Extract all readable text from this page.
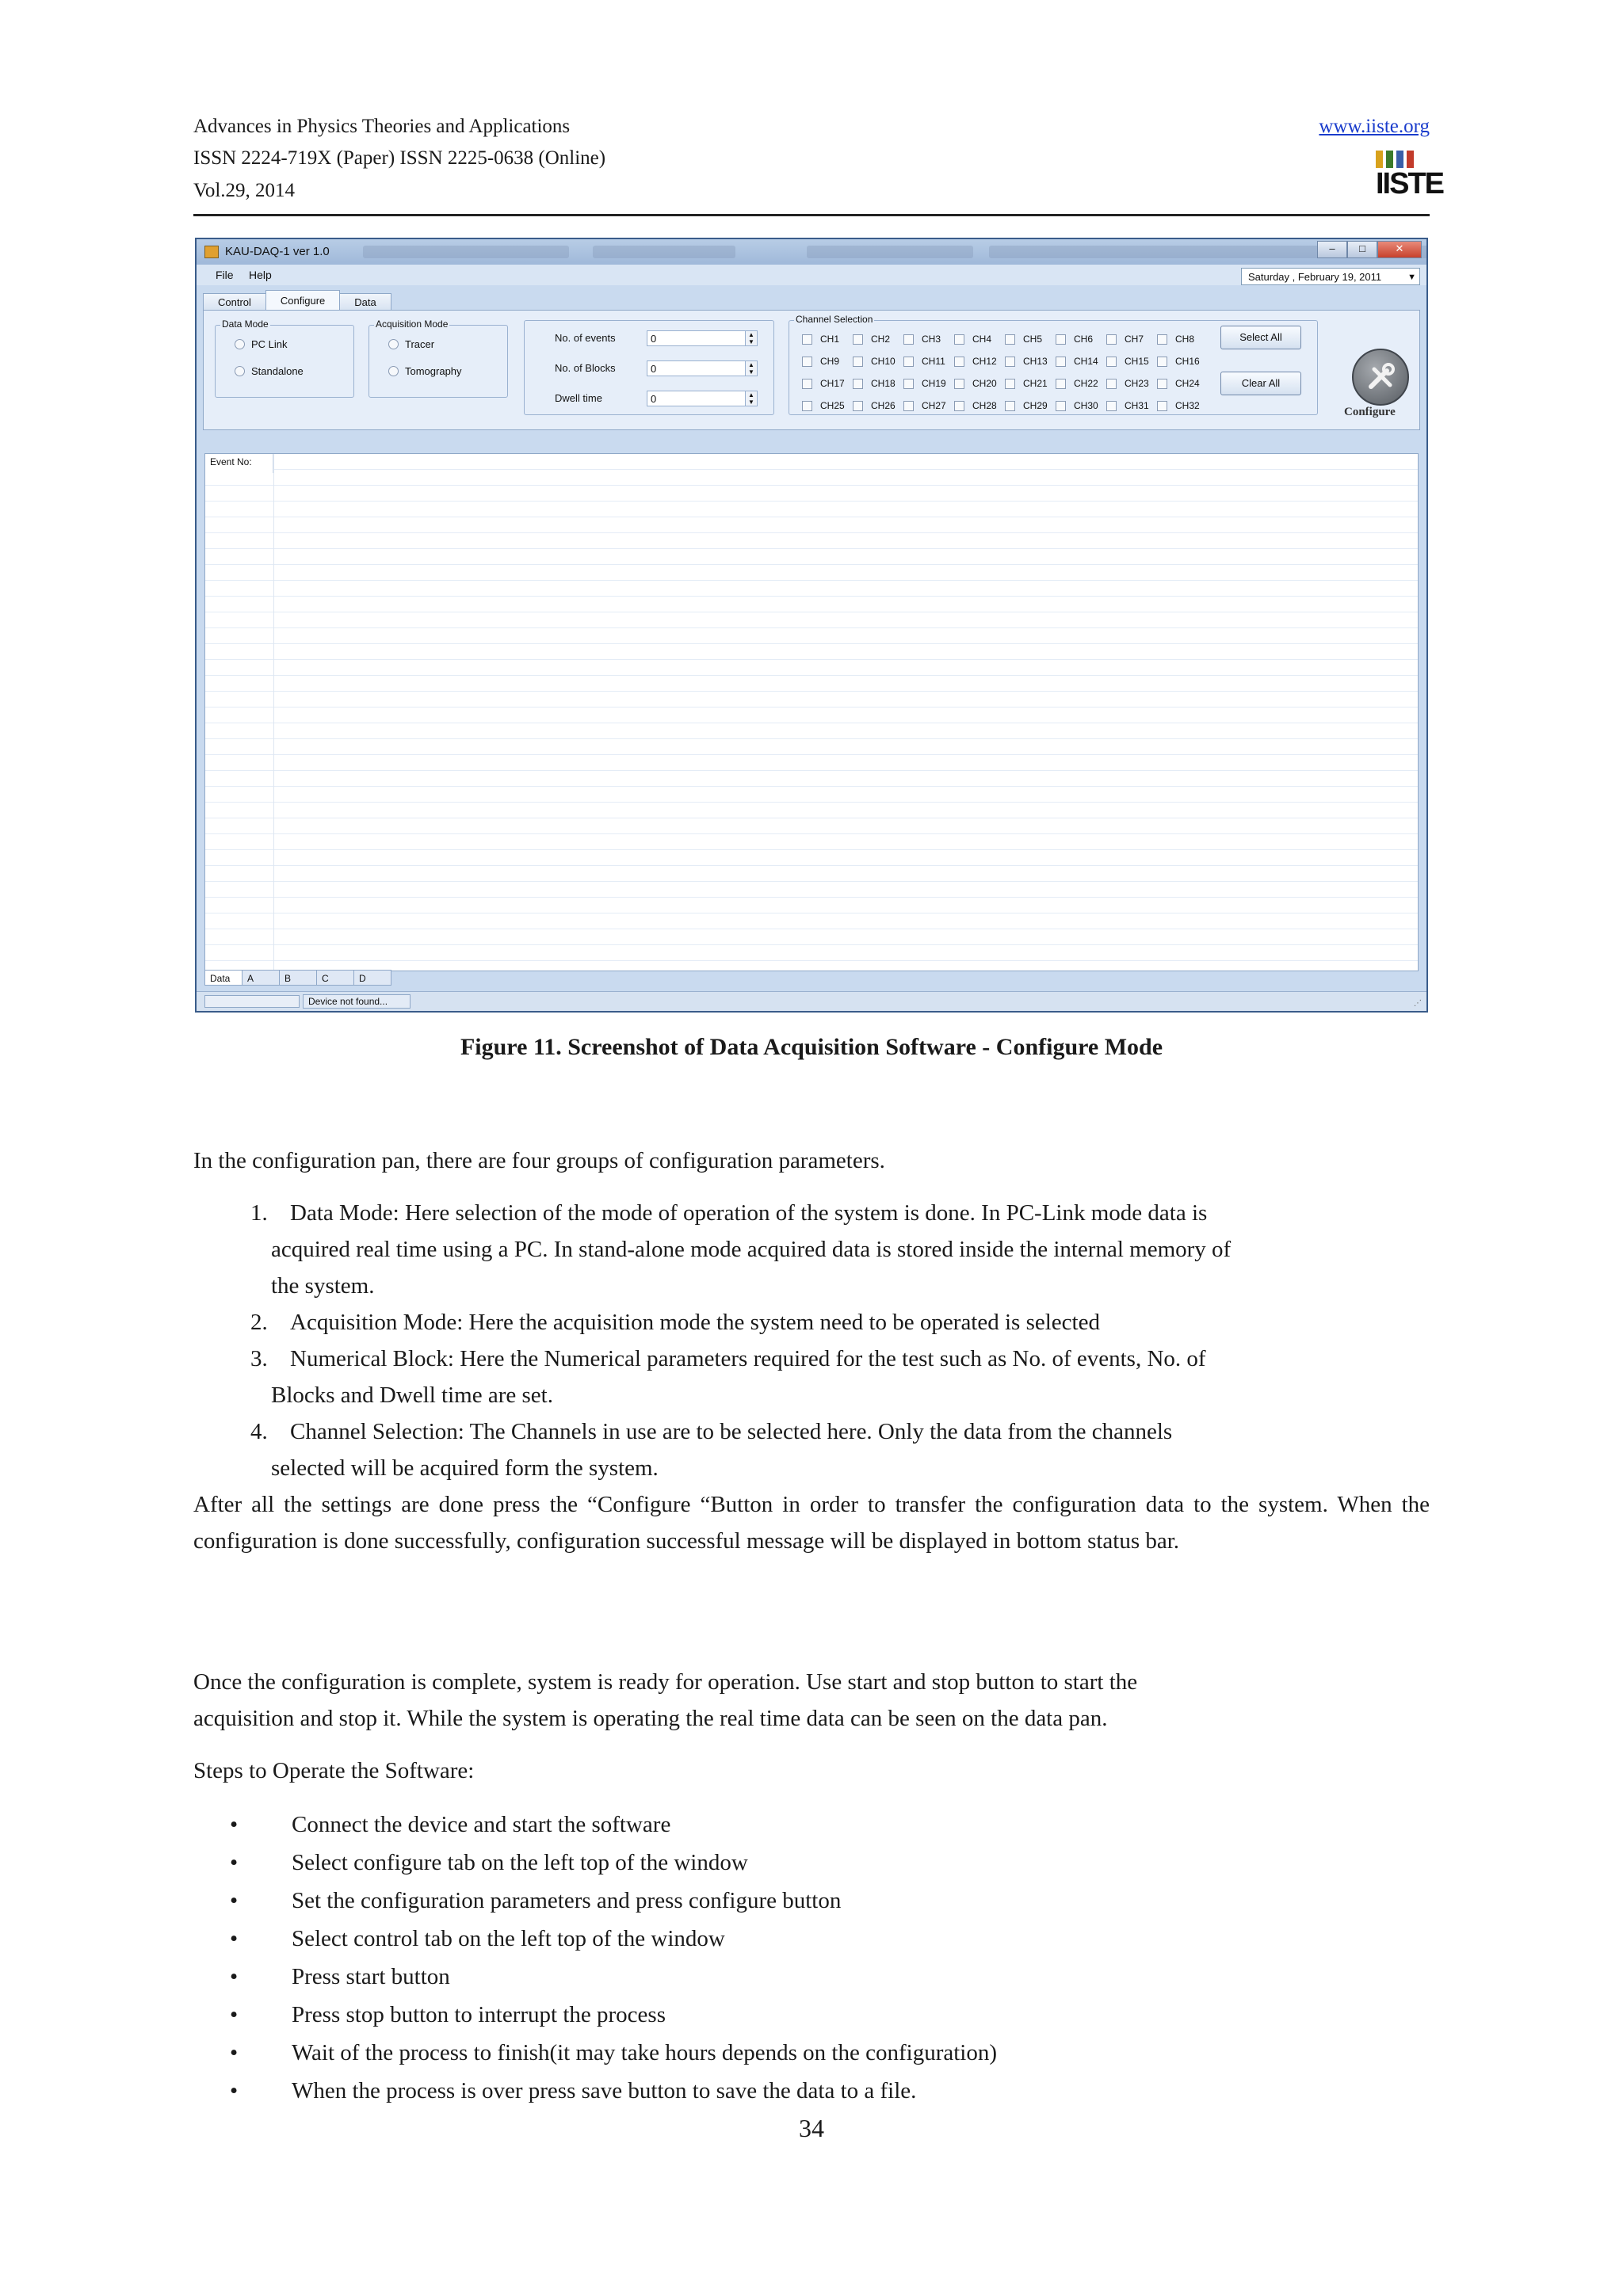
Advances in Physics Theories and Applications
ISSN 2224-719X (Paper) ISSN 2225-0638 (Online)
Vol.29, 2014
www.iiste.org
IISTE
KAU-DAQ-1 ver 1.0	–	□	✕
File Help	Saturday , February 19, 2011	▼
Control	Configure	Data
Data Mode
PC Link
Standalone
Acquisition Mode
Tracer
Tomography
No. of events	0	▲
▼
No. of Blocks	0	▲
▼
Dwell time	0	▲
▼
Channel Selection
CH1	CH2	CH3	CH4	CH5	CH6	CH7	CH8
CH9	CH10	CH11	CH12	CH13	CH14	CH15	CH16
CH17	CH18	CH19	CH20	CH21	CH22	CH23	CH24
CH25	CH26	CH27	CH28	CH29	CH30	CH31	CH32
Select All
Clear All
Configure
Event No:
Data	A	B	C	D
Device not found...	⋰
Figure 11. Screenshot of Data Acquisition Software - Configure Mode
In the configuration pan, there are four groups of configuration parameters.
1. Data Mode: Here selection of the mode of operation of the system is done. In PC-Link mode data is
acquired real time using a PC. In stand-alone mode acquired data is stored inside the internal memory of
the system.
2. Acquisition Mode: Here the acquisition mode the system need to be operated is selected
3. Numerical Block: Here the Numerical parameters required for the test such as No. of events, No. of
Blocks and Dwell time are set.
4. Channel Selection: The Channels in use are to be selected here. Only the data from the channels
selected will be acquired form the system.
After all the settings are done press the “Configure “Button in order to transfer the configuration data to the system. When the configuration is done successfully, configuration successful message will be displayed in bottom status bar.
Once the configuration is complete, system is ready for operation. Use start and stop button to start the
acquisition and stop it. While the system is operating the real time data can be seen on the data pan.
Steps to Operate the Software:
• Connect the device and start the software
• Select configure tab on the left top of the window
• Set the configuration parameters and press configure button
• Select control tab on the left top of the window
• Press start button
• Press stop button to interrupt the process
• Wait of the process to finish(it may take hours depends on the configuration)
• When the process is over press save button to save the data to a file.
34
